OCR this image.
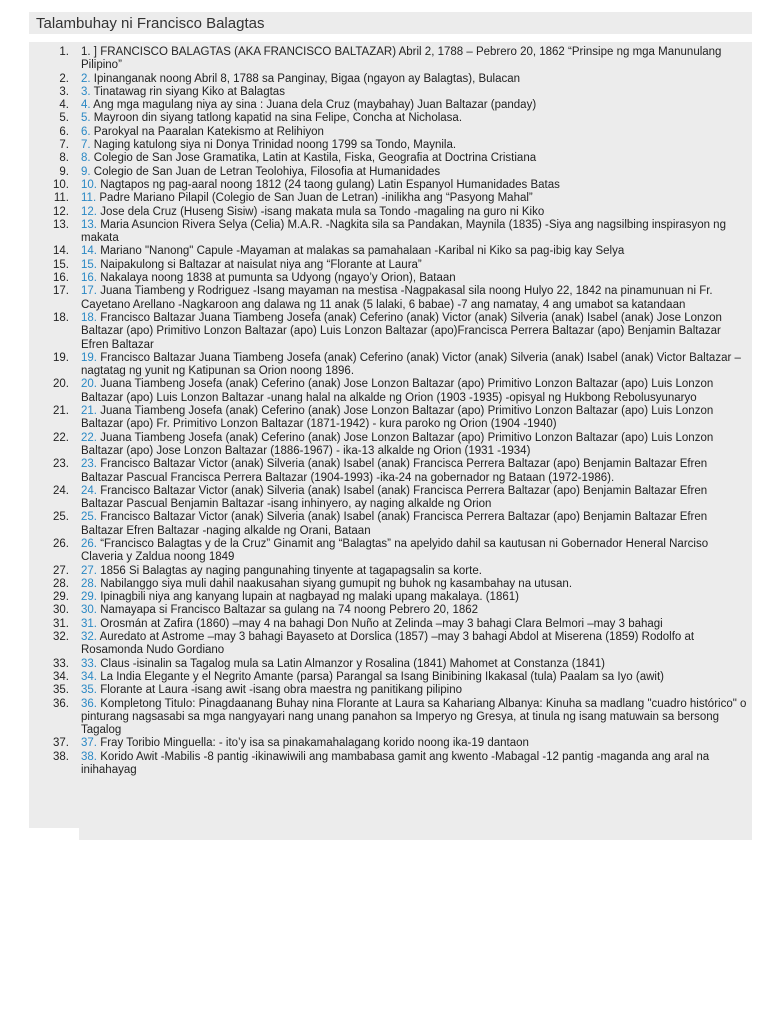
Talambuhay ni Francisco Balagtas
1. 1. ] FRANCISCO BALAGTAS (AKA FRANCISCO BALTAZAR) Abril 2, 1788 – Pebrero 20, 1862 “Prinsipe ng mga Manunulang Pilipino”
2. 2. Ipinanganak noong Abril 8, 1788 sa Panginay, Bigaa (ngayon ay Balagtas), Bulacan
3. 3. Tinatawag rin siyang Kiko at Balagtas
4. 4. Ang mga magulang niya ay sina : Juana dela Cruz (maybahay) Juan Baltazar (panday)
5. 5. Mayroon din siyang tatlong kapatid na sina Felipe, Concha at Nicholasa.
6. 6. Parokyal na Paaralan Katekismo at Relihiyon
7. 7. Naging katulong siya ni Donya Trinidad noong 1799 sa Tondo, Maynila.
8. 8. Colegio de San Jose Gramatika, Latin at Kastila, Fiska, Geografia at Doctrina Cristiana
9. 9. Colegio de San Juan de Letran Teolohiya, Filosofia at Humanidades
10. 10. Nagtapos ng pag-aaral noong 1812 (24 taong gulang) Latin Espanyol Humanidades Batas
11. 11. Padre Mariano Pilapil (Colegio de San Juan de Letran) -inilikha ang “Pasyong Mahal”
12. 12. Jose dela Cruz (Huseng Sisiw) -isang makata mula sa Tondo -magaling na guro ni Kiko
13. 13. Maria Asuncion Rivera Selya (Celia) M.A.R. -Nagkita sila sa Pandakan, Maynila (1835) -Siya ang nagsilbing inspirasyon ng makata
14. 14. Mariano "Nanong" Capule -Mayaman at malakas sa pamahalaan -Karibal ni Kiko sa pag-ibig kay Selya
15. 15. Naipakulong si Baltazar at naisulat niya ang “Florante at Laura”
16. 16. Nakalaya noong 1838 at pumunta sa Udyong (ngayo’y Orion), Bataan
17. 17. Juana Tiambeng y Rodriguez -Isang mayaman na mestisa -Nagpakasal sila noong Hulyo 22, 1842 na pinamunuan ni Fr. Cayetano Arellano -Nagkaroon ang dalawa ng 11 anak (5 lalaki, 6 babae) -7 ang namatay, 4 ang umabot sa katandaan
18. 18. Francisco Baltazar Juana Tiambeng Josefa (anak) Ceferino (anak) Victor (anak) Silveria (anak) Isabel (anak) Jose Lonzon Baltazar (apo) Primitivo Lonzon Baltazar (apo) Luis Lonzon Baltazar (apo)Francisca Perrera Baltazar (apo) Benjamin Baltazar Efren Baltazar
19. 19. Francisco Baltazar Juana Tiambeng Josefa (anak) Ceferino (anak) Victor (anak) Silveria (anak) Isabel (anak) Victor Baltazar – nagtatag ng yunit ng Katipunan sa Orion noong 1896.
20. 20. Juana Tiambeng Josefa (anak) Ceferino (anak) Jose Lonzon Baltazar (apo) Primitivo Lonzon Baltazar (apo) Luis Lonzon Baltazar (apo) Luis Lonzon Baltazar -unang halal na alkalde ng Orion (1903 -1935) -opisyal ng Hukbong Rebolusyunaryo
21. 21. Juana Tiambeng Josefa (anak) Ceferino (anak) Jose Lonzon Baltazar (apo) Primitivo Lonzon Baltazar (apo) Luis Lonzon Baltazar (apo) Fr. Primitivo Lonzon Baltazar (1871-1942) - kura paroko ng Orion (1904 -1940)
22. 22. Juana Tiambeng Josefa (anak) Ceferino (anak) Jose Lonzon Baltazar (apo) Primitivo Lonzon Baltazar (apo) Luis Lonzon Baltazar (apo) Jose Lonzon Baltazar (1886-1967) - ika-13 alkalde ng Orion (1931 -1934)
23. 23. Francisco Baltazar Victor (anak) Silveria (anak) Isabel (anak) Francisca Perrera Baltazar (apo) Benjamin Baltazar Efren Baltazar Pascual Francisca Perrera Baltazar (1904-1993) -ika-24 na gobernador ng Bataan (1972-1986).
24. 24. Francisco Baltazar Victor (anak) Silveria (anak) Isabel (anak) Francisca Perrera Baltazar (apo) Benjamin Baltazar Efren Baltazar Pascual Benjamin Baltazar -isang inhinyero, ay naging alkalde ng Orion
25. 25. Francisco Baltazar Victor (anak) Silveria (anak) Isabel (anak) Francisca Perrera Baltazar (apo) Benjamin Baltazar Efren Baltazar Efren Baltazar -naging alkalde ng Orani, Bataan
26. 26. “Francisco Balagtas y de la Cruz” Ginamit ang “Balagtas” na apelyido dahil sa kautusan ni Gobernador Heneral Narciso Claveria y Zaldua noong 1849
27. 27. 1856 Si Balagtas ay naging pangunahing tinyente at tagapagsalin sa korte.
28. 28. Nabilanggo siya muli dahil naakusahan siyang gumupit ng buhok ng kasambahay na utusan.
29. 29. Ipinagbili niya ang kanyang lupain at nagbayad ng malaki upang makalaya. (1861)
30. 30. Namayapa si Francisco Baltazar sa gulang na 74 noong Pebrero 20, 1862
31. 31. Orosmán at Zafira (1860) –may 4 na bahagi Don Nuño at Zelinda –may 3 bahagi Clara Belmori –may 3 bahagi
32. 32. Auredato at Astrome –may 3 bahagi Bayaseto at Dorslica (1857) –may 3 bahagi Abdol at Miserena (1859) Rodolfo at Rosamonda Nudo Gordiano
33. 33. Claus -isinalin sa Tagalog mula sa Latin Almanzor y Rosalina (1841) Mahomet at Constanza (1841)
34. 34. La India Elegante y el Negrito Amante (parsa) Parangal sa Isang Binibining Ikakasal (tula) Paalam sa Iyo (awit)
35. 35. Florante at Laura -isang awit -isang obra maestra ng panitikang pilipino
36. 36. Kompletong Titulo: Pinagdaanang Buhay nina Florante at Laura sa Kahariang Albanya: Kinuha sa madlang "cuadro histórico" o pinturang nagsasabi sa mga nangyayari nang unang panahon sa Imperyo ng Gresya, at tinula ng isang matuwain sa bersong Tagalog
37. 37. Fray Toribio Minguella: - ito’y isa sa pinakamahalagang korido noong ika-19 dantaon
38. 38. Korido Awit -Mabilis -8 pantig -ikinawiwili ang mambabasa gamit ang kwento -Mabagal -12 pantig -maganda ang aral na inihahayag
